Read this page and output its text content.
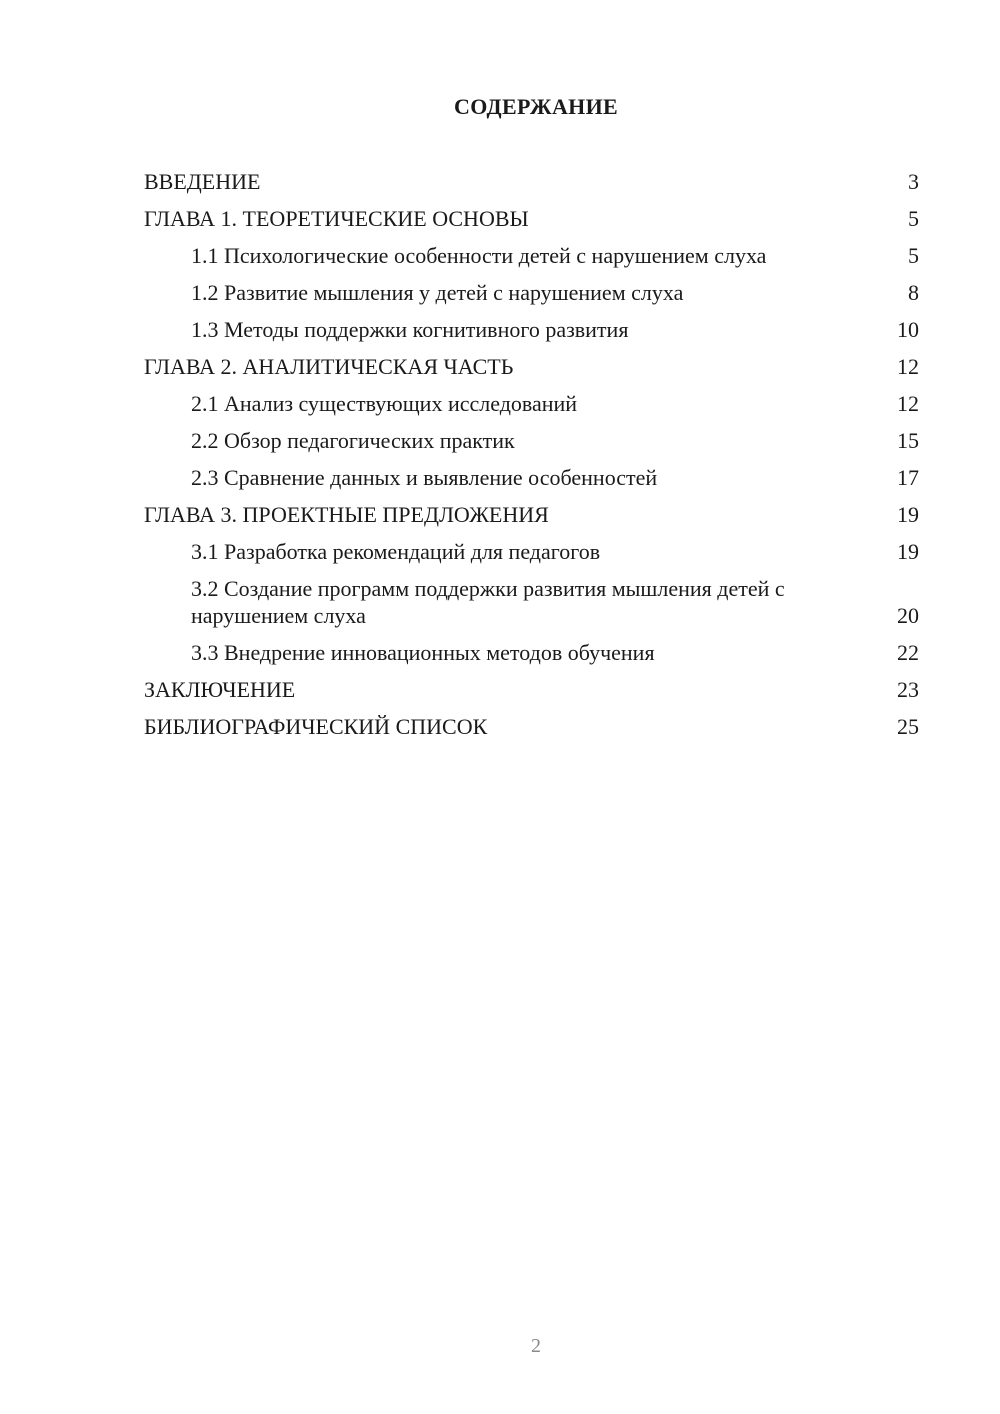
СОДЕРЖАНИЕ
ВВЕДЕНИЕ	3
ГЛАВА 1. ТЕОРЕТИЧЕСКИЕ ОСНОВЫ	5
1.1 Психологические особенности детей с нарушением слуха	5
1.2 Развитие мышления у детей с нарушением слуха	8
1.3 Методы поддержки когнитивного развития	10
ГЛАВА 2. АНАЛИТИЧЕСКАЯ ЧАСТЬ	12
2.1 Анализ существующих исследований	12
2.2 Обзор педагогических практик	15
2.3 Сравнение данных и выявление особенностей	17
ГЛАВА 3. ПРОЕКТНЫЕ ПРЕДЛОЖЕНИЯ	19
3.1 Разработка рекомендаций для педагогов	19
3.2 Создание программ поддержки развития мышления детей с нарушением слуха	20
3.3 Внедрение инновационных методов обучения	22
ЗАКЛЮЧЕНИЕ	23
БИБЛИОГРАФИЧЕСКИЙ СПИСОК	25
2
